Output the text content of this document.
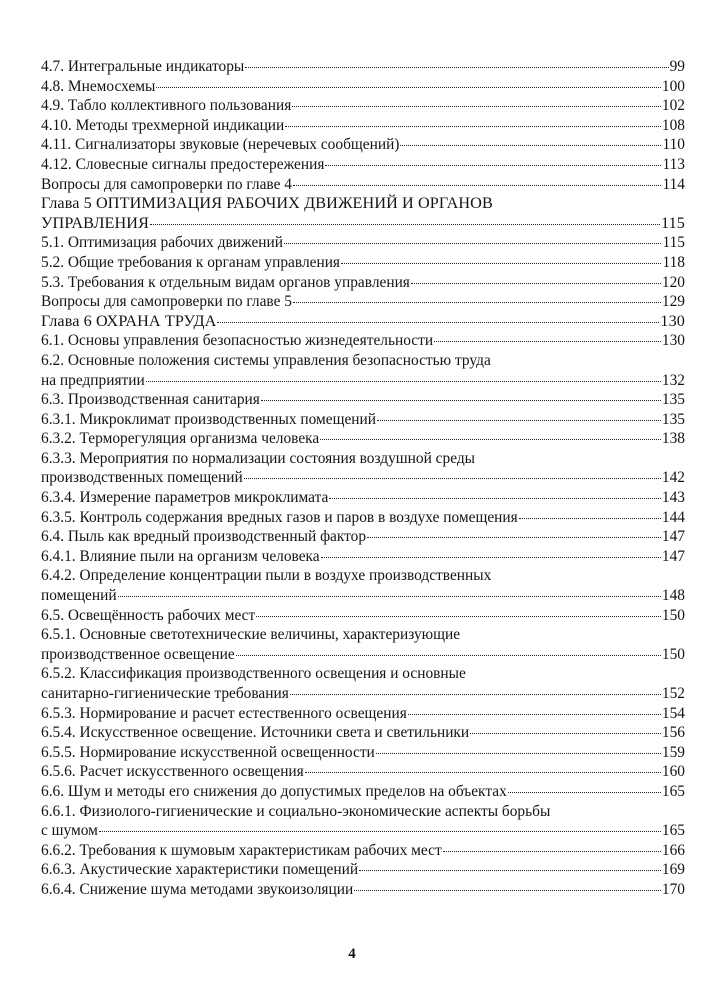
4.7. Интегральные индикаторы	99
4.8. Мнемосхемы	100
4.9. Табло коллективного пользования	102
4.10. Методы трехмерной индикации	108
4.11. Сигнализаторы звуковые (неречевых сообщений)	110
4.12. Словесные сигналы предостережения	113
Вопросы для самопроверки по главе 4	114
Глава 5 ОПТИМИЗАЦИЯ РАБОЧИХ ДВИЖЕНИЙ И ОРГАНОВ
УПРАВЛЕНИЯ	115
5.1. Оптимизация рабочих движений	115
5.2. Общие требования к органам управления	118
5.3. Требования к отдельным видам органов управления	120
Вопросы для самопроверки по главе 5	129
Глава 6 ОХРАНА ТРУДА	130
6.1. Основы управления безопасностью жизнедеятельности	130
6.2. Основные положения системы управления безопасностью труда
на предприятии	132
6.3. Производственная санитария	135
6.3.1. Микроклимат производственных помещений	135
6.3.2. Терморегуляция организма человека	138
6.3.3. Мероприятия по нормализации состояния воздушной среды
производственных помещений	142
6.3.4. Измерение параметров микроклимата	143
6.3.5. Контроль содержания вредных газов и паров в воздухе помещения	144
6.4. Пыль как вредный производственный фактор	147
6.4.1. Влияние пыли на организм человека	147
6.4.2. Определение концентрации пыли в воздухе производственных
помещений	148
6.5. Освещённость рабочих мест	150
6.5.1. Основные светотехнические величины, характеризующие
производственное освещение	150
6.5.2. Классификация производственного освещения и основные
санитарно-гигиенические требования	152
6.5.3. Нормирование и расчет естественного освещения	154
6.5.4. Искусственное освещение. Источники света и светильники	156
6.5.5. Нормирование искусственной освещенности	159
6.5.6. Расчет искусственного освещения	160
6.6. Шум и методы его снижения до допустимых пределов на объектах	165
6.6.1. Физиолого-гигиенические и социально-экономические аспекты борьбы
с шумом	165
6.6.2. Требования к шумовым характеристикам рабочих мест	166
6.6.3. Акустические характеристики помещений	169
6.6.4. Снижение шума методами звукоизоляции	170
4
